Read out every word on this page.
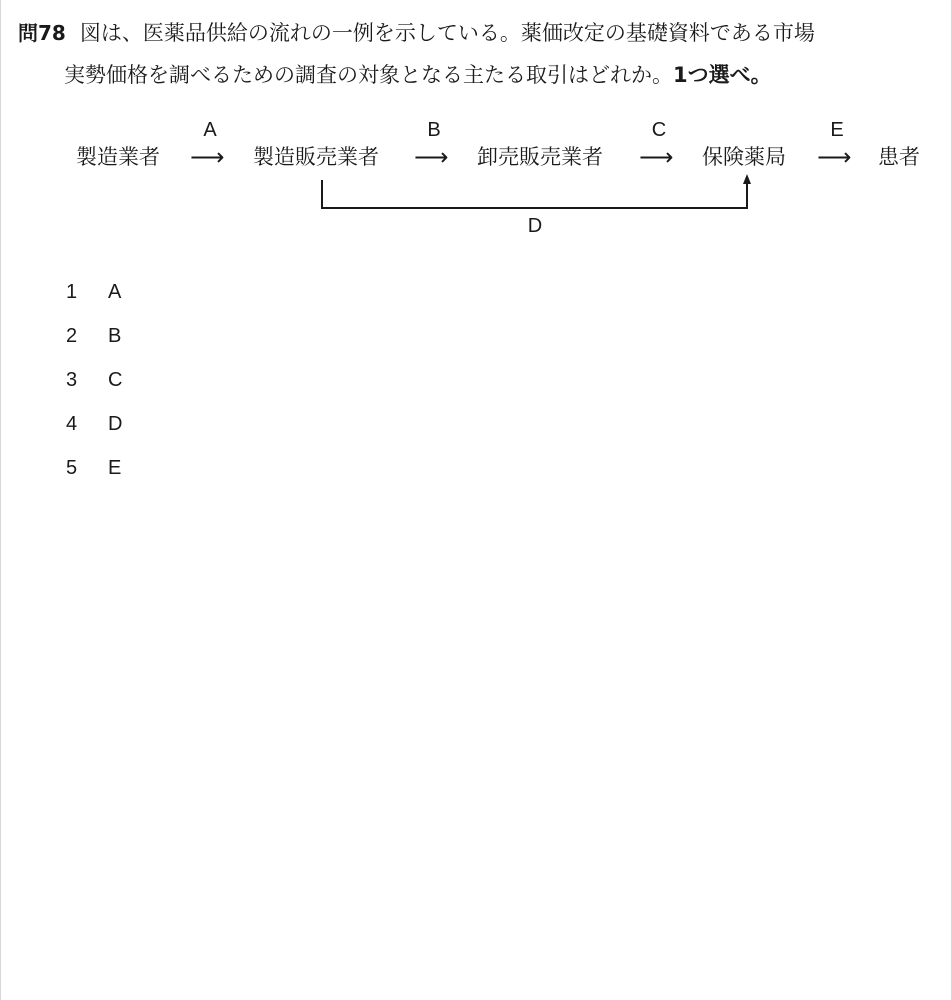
問78 図は、医薬品供給の流れの一例を示している。薬価改定の基礎資料である市場
実勢価格を調べるための調査の対象となる主たる取引はどれか。1つ選べ。
製造業者
A
⟶ 製造販売業者
B
⟶ 卸売販売業者
C
⟶ 保険薬局
E
⟶ 患者
D
1 A
2 B
3 C
4 D
5 E
